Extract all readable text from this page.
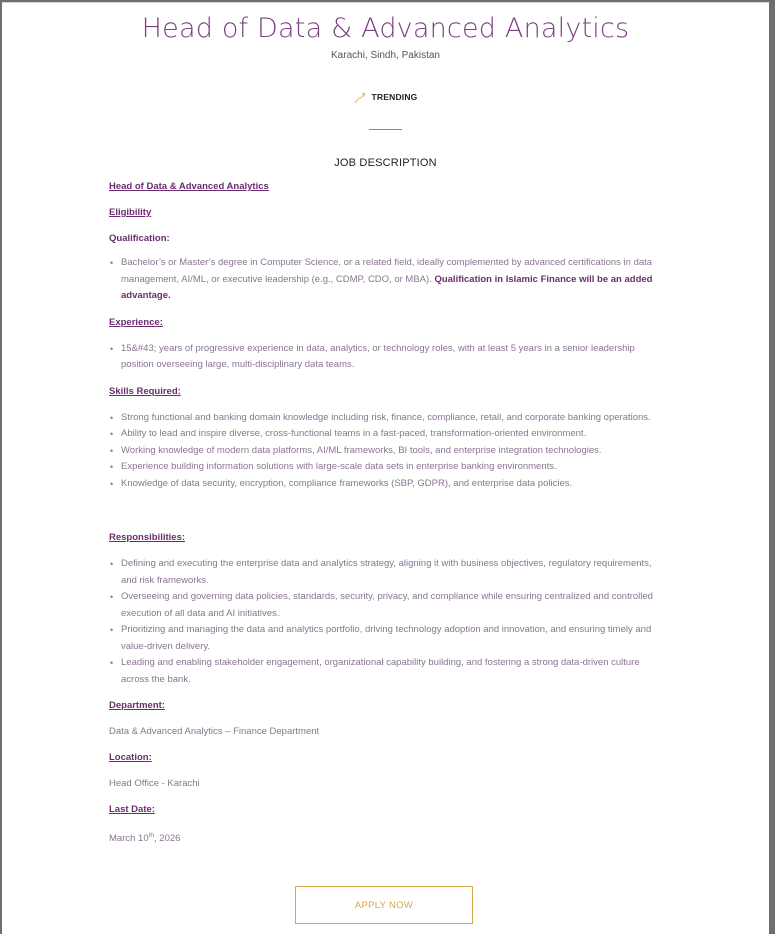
Head of Data & Advanced Analytics
Karachi, Sindh, Pakistan
TRENDING
JOB DESCRIPTION
Head of Data & Advanced Analytics
Eligibility
Qualification:
• Bachelor’s or Master’s degree in Computer Science, or a related field, ideally complemented by advanced certifications in data management, AI/ML, or executive leadership (e.g., CDMP, CDO, or MBA). Qualification in Islamic Finance will be an added advantage.
Experience:
• 15&#43; years of progressive experience in data, analytics, or technology roles, with at least 5 years in a senior leadership position overseeing large, multi-disciplinary data teams.
Skills Required:
• Strong functional and banking domain knowledge including risk, finance, compliance, retail, and corporate banking operations.
• Ability to lead and inspire diverse, cross-functional teams in a fast-paced, transformation-oriented environment.
• Working knowledge of modern data platforms, AI/ML frameworks, BI tools, and enterprise integration technologies.
• Experience building information solutions with large-scale data sets in enterprise banking environments.
• Knowledge of data security, encryption, compliance frameworks (SBP, GDPR), and enterprise data policies.
Responsibilities:
• Defining and executing the enterprise data and analytics strategy, aligning it with business objectives, regulatory requirements, and risk frameworks.
• Overseeing and governing data policies, standards, security, privacy, and compliance while ensuring centralized and controlled execution of all data and AI initiatives.
• Prioritizing and managing the data and analytics portfolio, driving technology adoption and innovation, and ensuring timely and value-driven delivery.
• Leading and enabling stakeholder engagement, organizational capability building, and fostering a strong data-driven culture across the bank.
Department:
Data & Advanced Analytics – Finance Department
Location:
Head Office - Karachi
Last Date:
March 10th, 2026
APPLY NOW
